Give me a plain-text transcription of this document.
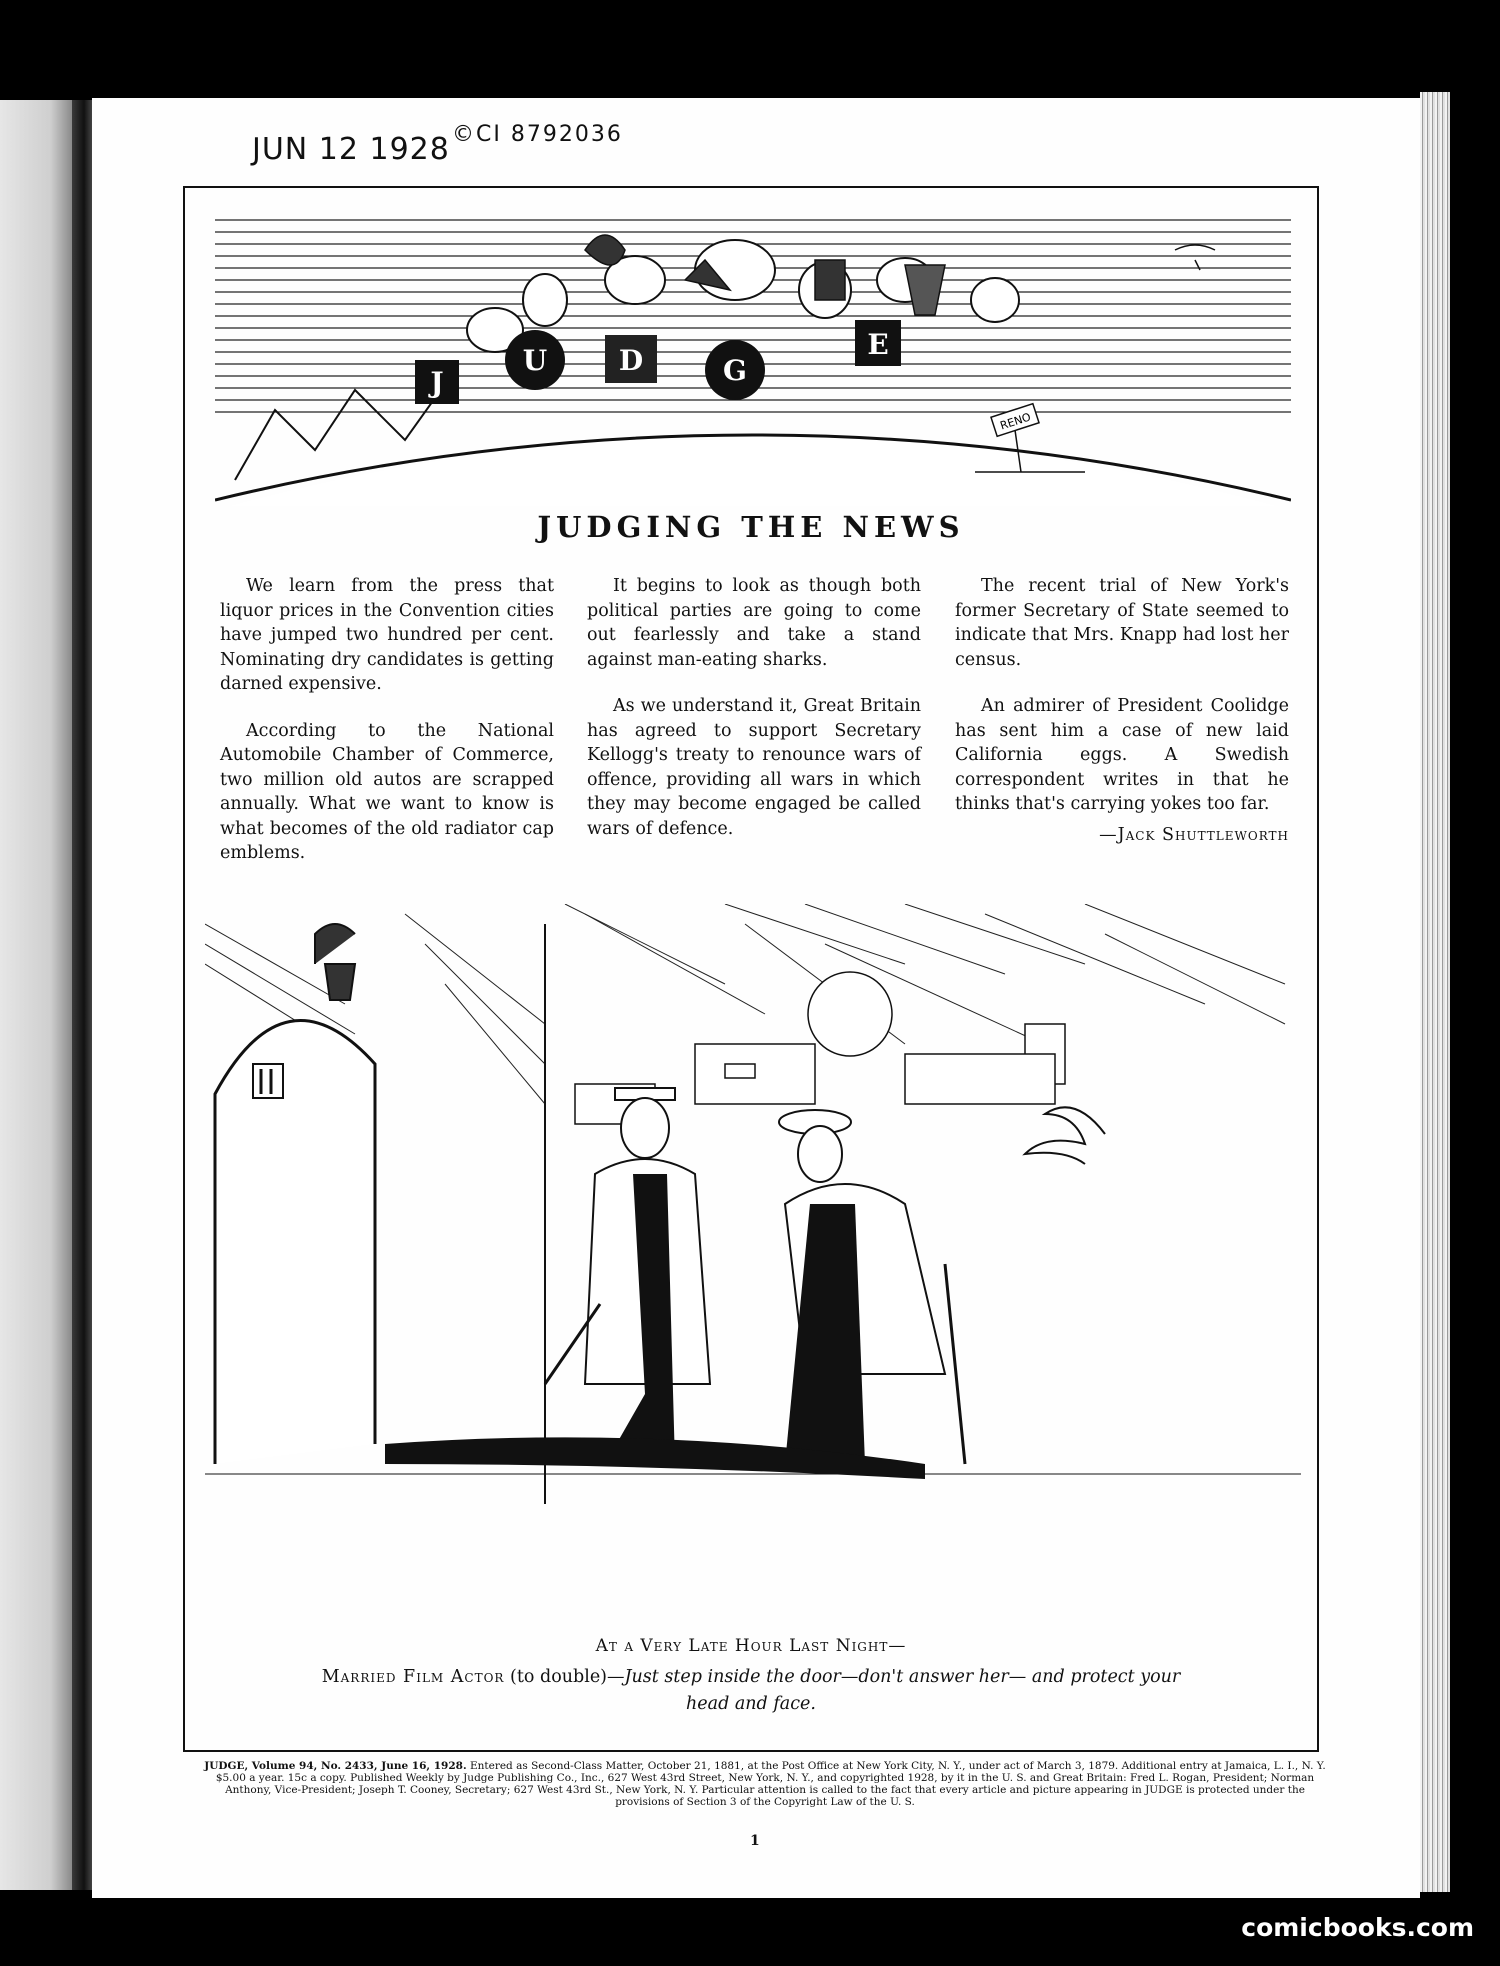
JUN 12 1928 ©CI 8792036
J
U	D	G
E
RENO
JUDGING THE NEWS

We learn from the press that liquor prices in the Convention cities have jumped two hundred per cent. Nominating dry candidates is getting darned expensive.

According to the National Automobile Chamber of Commerce, two million old autos are scrapped annually. What we want to know is what becomes of the old radiator cap emblems.

It begins to look as though both political parties are going to come out fearlessly and take a stand against man-eating sharks.

As we understand it, Great Britain has agreed to support Secretary Kellogg's treaty to renounce wars of offence, providing all wars in which they may become engaged be called wars of defence.

The recent trial of New York's former Secretary of State seemed to indicate that Mrs. Knapp had lost her census.

An admirer of President Coolidge has sent him a case of new laid California eggs. A Swedish correspondent writes in that he thinks that's carrying yokes too far.

—Jack Shuttleworth

At a Very Late Hour Last Night—
Married Film Actor (to double)—Just step inside the door—don't answer her— and protect your head and face.
JUDGE, Volume 94, No. 2433, June 16, 1928. Entered as Second-Class Matter, October 21, 1881, at the Post Office at New York City, N. Y., under act of March 3, 1879. Additional entry at Jamaica, L. I., N. Y. $5.00 a year. 15c a copy. Published Weekly by Judge Publishing Co., Inc., 627 West 43rd Street, New York, N. Y., and copyrighted 1928, by it in the U. S. and Great Britain: Fred L. Rogan, President; Norman Anthony, Vice-President; Joseph T. Cooney, Secretary; 627 West 43rd St., New York, N. Y. Particular attention is called to the fact that every article and picture appearing in JUDGE is protected under the provisions of Section 3 of the Copyright Law of the U. S.
1
comicbooks.com
